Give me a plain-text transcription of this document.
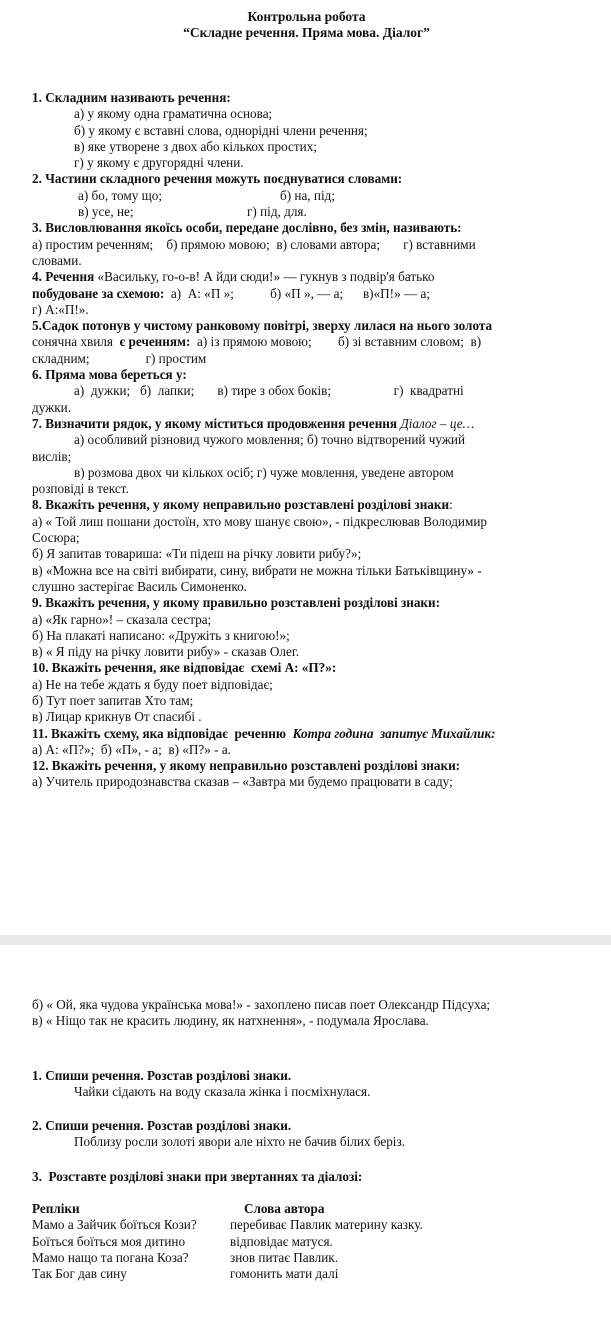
Контрольна робота
“Складне речення. Пряма мова. Діалог”
1. Складним називають речення:
а) у якому одна граматична основа;
б) у якому є вставні слова, однорідні члени речення;
в) яке утворене з двох або кількох простих;
г) у якому є другорядні члени.
2. Частини складного речення можуть поєднуватися словами:
а) бо, тому що;	б) на, під;
в) усе, не;	г) під, для.
3. Висловлювання якоїсь особи, передане дослівно, без змін, називають:
а) простим реченням;    б) прямою мовою;  в) словами автора;       г) вставними
словами.
4. Речення «Васильку, го-о-в! А йди сюди!» — гукнув з подвір'я батько
побудоване за схемою:  а)  А: «П »;           б) «П », — а;      в)«П!» — а;
г) А:«П!».
5.Садок потонув у чистому ранковому повітрі, зверху лилася на нього золота
сонячна хвиля  є реченням:  а) із прямою мовою;        б) зі вставним словом;  в)
складним;                 г) простим
6. Пряма мова береться у:
а)  дужки;   б)  лапки;       в) тире з обох боків;                   г)  квадратні
дужки.
7. Визначити рядок, у якому міститься продовження речення Діалог – це…
а) особливий різновид чужого мовлення; б) точно відтворений чужий
вислів;
в) розмова двох чи кількох осіб; г) чуже мовлення, уведене автором
розповіді в текст.
8. Вкажіть речення, у якому неправильно розставлені розділові знаки:
а) « Той лиш пошани достоїн, хто мову шанує свою», - підкреслював Володимир
Сосюра;
б) Я запитав товариша: «Ти підеш на річку ловити рибу?»;
в) «Можна все на світі вибирати, сину, вибрати не можна тільки Батьківщину» -
слушно застерігає Василь Симоненко.
9. Вкажіть речення, у якому правильно розставлені розділові знаки:
а) «Як гарно»! – сказала сестра;
б) На плакаті написано: «Дружіть з книгою!»;
в) « Я піду на річку ловити рибу» - сказав Олег.
10. Вкажіть речення, яке відповідає  схемі А: «П?»:
а) Не на тебе ждать я буду поет відповідає;
б) Тут поет запитав Хто там;
в) Лицар крикнув От спасибі .
11. Вкажіть схему, яка відповідає  реченню  Котра година  запитує Михайлик:
а) А: «П?»;  б) «П», - а;  в) «П?» - а.
12. Вкажіть речення, у якому неправильно розставлені розділові знаки:
а) Учитель природознавства сказав – «Завтра ми будемо працювати в саду;
б) « Ой, яка чудова українська мова!» - захоплено писав поет Олександр Підсуха;
в) « Ніщо так не красить людину, як натхнення», - подумала Ярослава.
1. Спиши речення. Розстав розділові знаки.
Чайки сідають на воду сказала жінка і посміхнулася.
2. Спиши речення. Розстав розділові знаки.
Поблизу росли золоті явори але ніхто не бачив білих беріз.
3.  Розставте розділові знаки при звертаннях та діалозі:
Репліки	Слова автора
Мамо а Зайчик боїться Кози?	перебиває Павлик материну казку.
Боїться боїться моя дитино	відповідає матуся.
Мамо нащо та погана Коза?	знов питає Павлик.
Так Бог дав сину	гомонить мати далі
